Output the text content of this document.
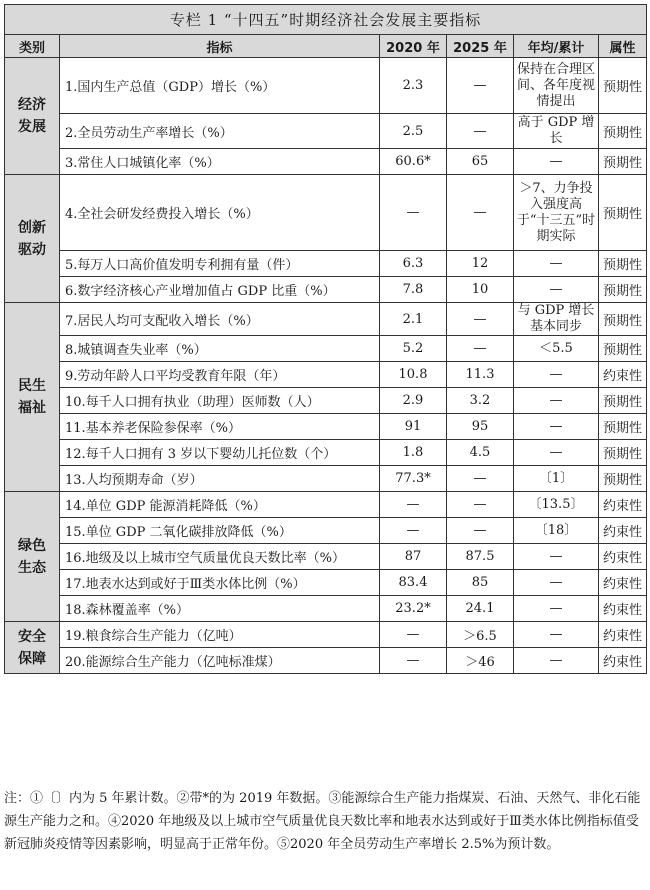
专栏 1 “十四五”时期经济社会发展主要指标					
类别	指标	2020 年	2025 年	年均/累计	属性

经济
发展	1.国内生产总值（GDP）增长（%）	2.3	—	保持在合理区间、各年度视情提出	预期性
	2.全员劳动生产率增长（%）	2.5	—	高于 GDP 增长	预期性
	3.常住人口城镇化率（%）	60.6*	65	—	预期性

创新
驱动	4.全社会研发经费投入增长（%）	—	—	＞7、力争投入强度高于“十三五”时期实际	预期性
	5.每万人口高价值发明专利拥有量（件）	6.3	12	—	预期性
	6.数字经济核心产业增加值占 GDP 比重（%）	7.8	10	—	预期性

民生
福祉	7.居民人均可支配收入增长（%）	2.1	—	与 GDP 增长基本同步	预期性
	8.城镇调查失业率（%）	5.2	—	＜5.5	预期性
	9.劳动年龄人口平均受教育年限（年）	10.8	11.3	—	约束性
	10.每千人口拥有执业（助理）医师数（人）	2.9	3.2	—	预期性
	11.基本养老保险参保率（%）	91	95	—	预期性
	12.每千人口拥有 3 岁以下婴幼儿托位数（个）	1.8	4.5	—	预期性
	13.人均预期寿命（岁）	77.3*	—	〔1〕	预期性

绿色
生态	14.单位 GDP 能源消耗降低（%）	—	—	〔13.5〕	约束性
	15.单位 GDP 二氧化碳排放降低（%）	—	—	〔18〕	约束性
	16.地级及以上城市空气质量优良天数比率（%）	87	87.5	—	约束性
	17.地表水达到或好于Ⅲ类水体比例（%）	83.4	85	—	约束性
	18.森林覆盖率（%）	23.2*	24.1	—	约束性

安全
保障	19.粮食综合生产能力（亿吨）	—	＞6.5	—	约束性
	20.能源综合生产能力（亿吨标准煤）	—	＞46	—	约束性
注：①〔〕内为 5 年累计数。②带*的为 2019 年数据。③能源综合生产能力指煤炭、石油、天然气、非化石能源生产能力之和。④2020 年地级及以上城市空气质量优良天数比率和地表水达到或好于Ⅲ类水体比例指标值受新冠肺炎疫情等因素影响，明显高于正常年份。⑤2020 年全员劳动生产率增长 2.5%为预计数。
